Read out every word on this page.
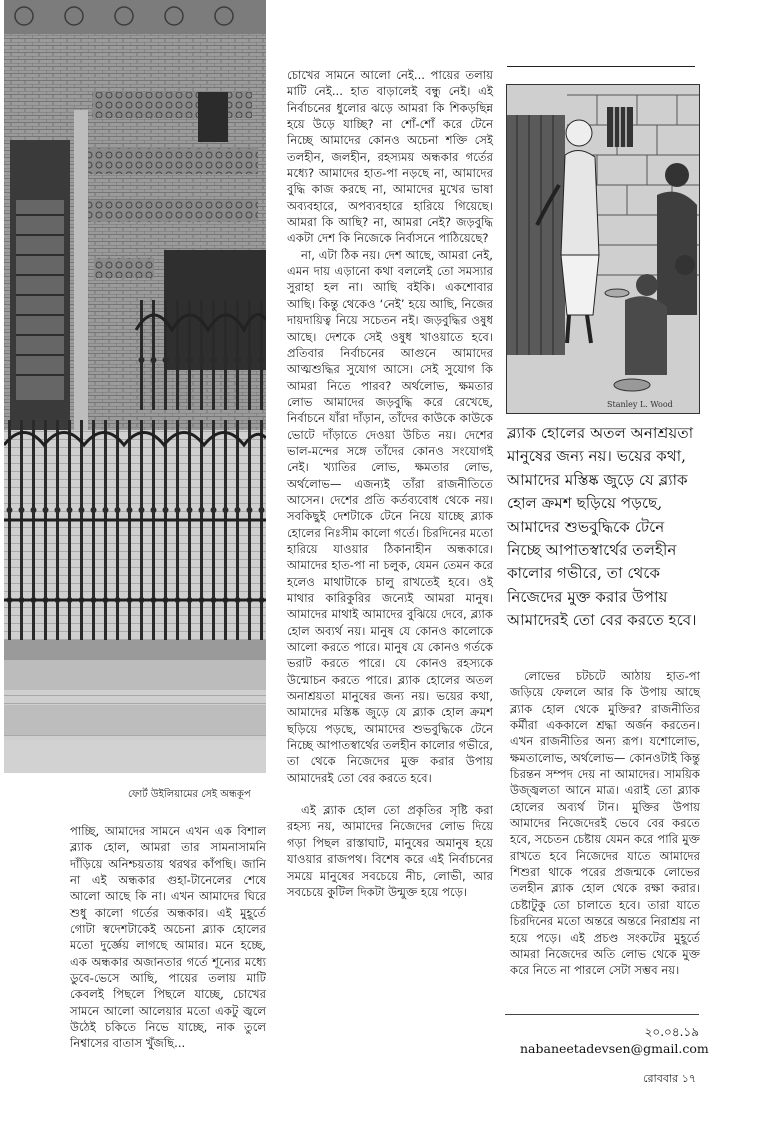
ফোর্ট উইলিয়ামের সেই অন্ধকূপ

চোখের সামনে আলো নেই... পায়ের তলায় মাটি নেই... হাত বাড়ালেই বন্ধু নেই। এই নির্বাচনের ধুলোর ঝড়ে আমরা কি শিকড়ছিন্ন হয়ে উড়ে যাচ্ছি? না শোঁ-শোঁ করে টেনে নিচ্ছে আমাদের কোনও অচেনা শক্তি সেই তলহীন, জলহীন, রহস্যময় অন্ধকার গর্তের মধ্যে? আমাদের হাত-পা নড়ছে না, আমাদের বুদ্ধি কাজ করছে না, আমাদের মুখের ভাষা অব্যবহারে, অপব্যবহারে হারিয়ে গিয়েছে। আমরা কি আছি? না, আমরা নেই? জড়বুদ্ধি একটা দেশ কি নিজেকে নির্বাসনে পাঠিয়েছে?

না, এটা ঠিক নয়। দেশ আছে, আমরা নেই, এমন দায় এড়ানো কথা বললেই তো সমস্যার সুরাহা হল না। আছি বইকি। একশোবার আছি। কিন্তু থেকেও ‘নেই’ হয়ে আছি, নিজের দায়দায়িত্ব নিয়ে সচেতন নই। জড়বুদ্ধির ওষুধ আছে। দেশকে সেই ওষুধ খাওয়াতে হবে। প্রতিবার নির্বাচনের আগুনে আমাদের আত্মশুদ্ধির সুযোগ আসে। সেই সুযোগ কি আমরা নিতে পারব? অর্থলোভ, ক্ষমতার লোভ আমাদের জড়বুদ্ধি করে রেখেছে, নির্বাচনে যাঁরা দাঁড়ান, তাঁদের কাউকে কাউকে ভোটে দাঁড়াতে দেওয়া উচিত নয়। দেশের ভাল-মন্দের সঙ্গে তাঁদের কোনও সংযোগই নেই। খ্যাতির লোভ, ক্ষমতার লোভ, অর্থলোভ— এজন্যই তাঁরা রাজনীতিতে আসেন। দেশের প্রতি কর্তব্যবোধ থেকে নয়। সবকিছুই দেশটাকে টেনে নিয়ে যাচ্ছে ব্ল্যাক হোলের নিঃসীম কালো গর্তে। চিরদিনের মতো হারিয়ে যাওয়ার ঠিকানাহীন অন্ধকারে। আমাদের হাত-পা না চলুক, যেমন তেমন করে হলেও মাথাটাকে চালু রাখতেই হবে। ওই মাথার কারিকুরির জন্যেই আমরা মানুষ। আমাদের মাথাই আমাদের বুঝিয়ে দেবে, ব্ল্যাক হোল অব্যর্থ নয়। মানুষ যে কোনও কালোকে আলো করতে পারে। মানুষ যে কোনও গর্তকে ভরাট করতে পারে। যে কোনও রহস্যকে উন্মোচন করতে পারে। ব্ল্যাক হোলের অতল অনাশ্রয়তা মানুষের জন্য নয়। ভয়ের কথা, আমাদের মস্তিষ্ক জুড়ে যে ব্ল্যাক হোল ক্রমশ ছড়িয়ে পড়ছে, আমাদের শুভবুদ্ধিকে টেনে নিচ্ছে আপাতস্বার্থের তলহীন কালোর গভীরে, তা থেকে নিজেদের মুক্ত করার উপায় আমাদেরই তো বের করতে হবে।

এই ব্ল্যাক হোল তো প্রকৃতির সৃষ্টি করা রহস্য নয়, আমাদের নিজেদের লোভ দিয়ে গড়া পিছল রাস্তাঘাট, মানুষের অমানুষ হয়ে যাওয়ার রাজপথ। বিশেষ করে এই নির্বাচনের সময়ে মানুষের সবচেয়ে নীচ, লোভী, আর সবচেয়ে কুটিল দিকটা উন্মুক্ত হয়ে পড়ে।

পাচ্ছি, আমাদের সামনে এখন এক বিশাল ব্ল্যাক হোল, আমরা তার সামনাসামনি দাঁড়িয়ে অনিশ্চয়তায় থরথর কাঁপছি। জানি না এই অন্ধকার গুহা-টানেলের শেষে আলো আছে কি না। এখন আমাদের ঘিরে শুধু কালো গর্তের অন্ধকার। এই মুহূর্তে গোটা স্বদেশটাকেই অচেনা ব্ল্যাক হোলের মতো দুর্জ্ঞেয় লাগছে আমার। মনে হচ্ছে, এক অন্ধকার অজানতার গর্তে শূন্যের মধ্যে ডুবে-ভেসে আছি, পায়ের তলায় মাটি কেবলই পিছলে পিছলে যাচ্ছে, চোখের সামনে আলো আলেয়ার মতো একটু জ্বলে উঠেই চকিতে নিভে যাচ্ছে, নাক তুলে নিশ্বাসের বাতাস খুঁজছি...

Stanley L. Wood

ব্ল্যাক হোলের অতল অনাশ্রয়তা মানুষের জন্য নয়। ভয়ের কথা, আমাদের মস্তিষ্ক জুড়ে যে ব্ল্যাক হোল ক্রমশ ছড়িয়ে পড়ছে, আমাদের শুভবুদ্ধিকে টেনে নিচ্ছে আপাতস্বার্থের তলহীন কালোর গভীরে, তা থেকে নিজেদের মুক্ত করার উপায় আমাদেরই তো বের করতে হবে।

লোভের চটচটে আঠায় হাত-পা জড়িয়ে ফেললে আর কি উপায় আছে ব্ল্যাক হোল থেকে মুক্তির? রাজনীতির কর্মীরা এককালে শ্রদ্ধা অর্জন করতেন। এখন রাজনীতির অন্য রূপ। যশোলোভ, ক্ষমতালোভ, অর্থলোভ— কোনওটাই কিন্তু চিরন্তন সম্পদ দেয় না আমাদের। সাময়িক উজ্জ্বলতা আনে মাত্র। এরাই তো ব্ল্যাক হোলের অব্যর্থ টান। মুক্তির উপায় আমাদের নিজেদেরই ভেবে বের করতে হবে, সচেতন চেষ্টায় যেমন করে পারি মুক্ত রাখতে হবে নিজেদের যাতে আমাদের শিশুরা থাকে পরের প্রজন্মকে লোভের তলহীন ব্ল্যাক হোল থেকে রক্ষা করার। চেষ্টাটুকু তো চালাতে হবে। তারা যাতে চিরদিনের মতো অন্তরে অন্তরে নিরাশ্রয় না হয়ে পড়ে। এই প্রচণ্ড সংকটের মুহূর্তে আমরা নিজেদের অতি লোভ থেকে মুক্ত করে নিতে না পারলে সেটা সম্ভব নয়।

২০.০৪.১৯
nabaneetadevsen@gmail.com
রোববার ১৭
